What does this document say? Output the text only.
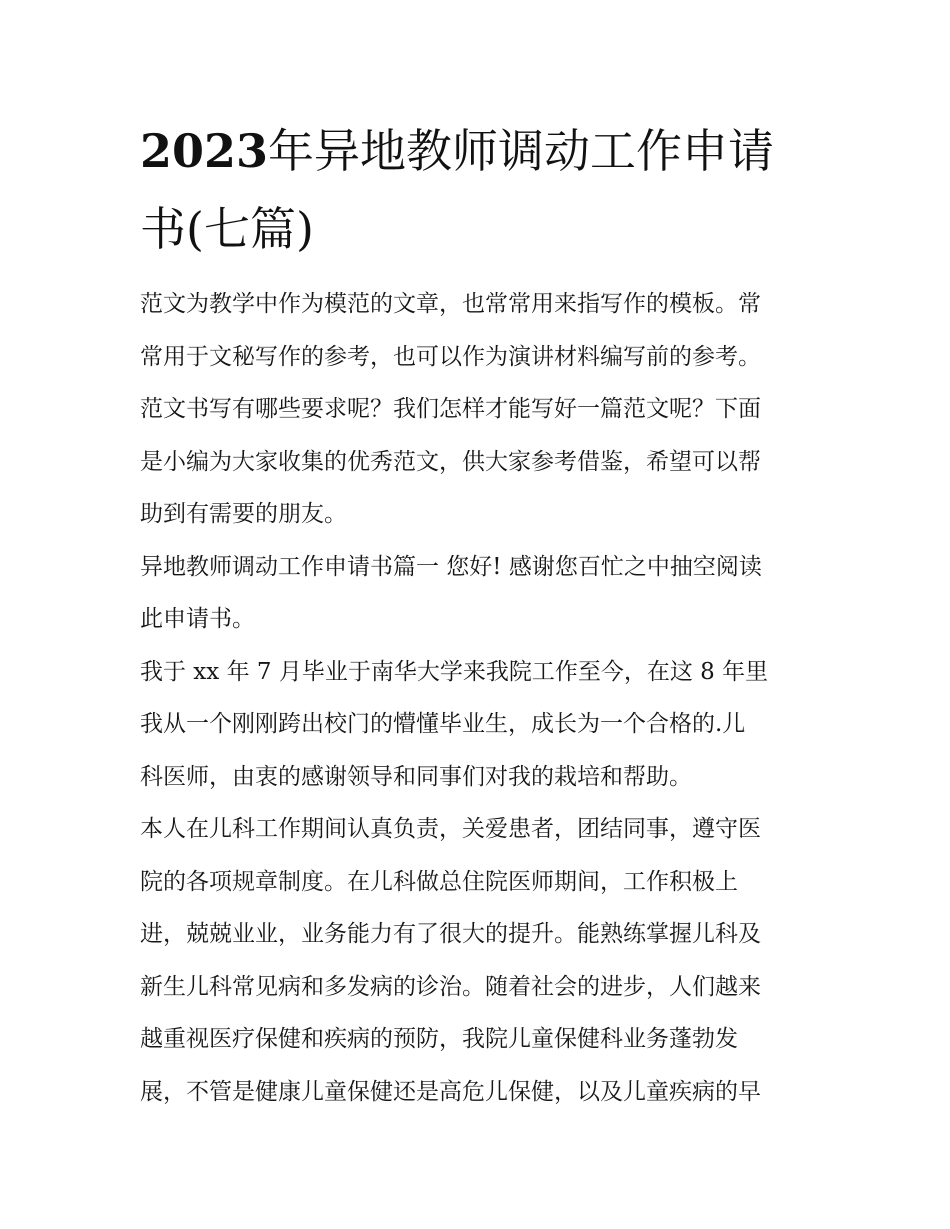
2023年异地教师调动工作申请
书(七篇)

范文为教学中作为模范的文章，也常常用来指写作的模板。常
常用于文秘写作的参考，也可以作为演讲材料编写前的参考。
范文书写有哪些要求呢？我们怎样才能写好一篇范文呢？下面
是小编为大家收集的优秀范文，供大家参考借鉴，希望可以帮
助到有需要的朋友。

异地教师调动工作申请书篇一 您好! 感谢您百忙之中抽空阅读
此申请书。

我于 xx 年 7 月毕业于南华大学来我院工作至今，在这 8 年里
我从一个刚刚跨出校门的懵懂毕业生，成长为一个合格的.儿
科医师，由衷的感谢领导和同事们对我的栽培和帮助。

本人在儿科工作期间认真负责，关爱患者，团结同事，遵守医
院的各项规章制度。在儿科做总住院医师期间，工作积极上
进，兢兢业业，业务能力有了很大的提升。能熟练掌握儿科及
新生儿科常见病和多发病的诊治。随着社会的进步，人们越来
越重视医疗保健和疾病的预防，我院儿童保健科业务蓬勃发
展，不管是健康儿童保健还是高危儿保健，以及儿童疾病的早
